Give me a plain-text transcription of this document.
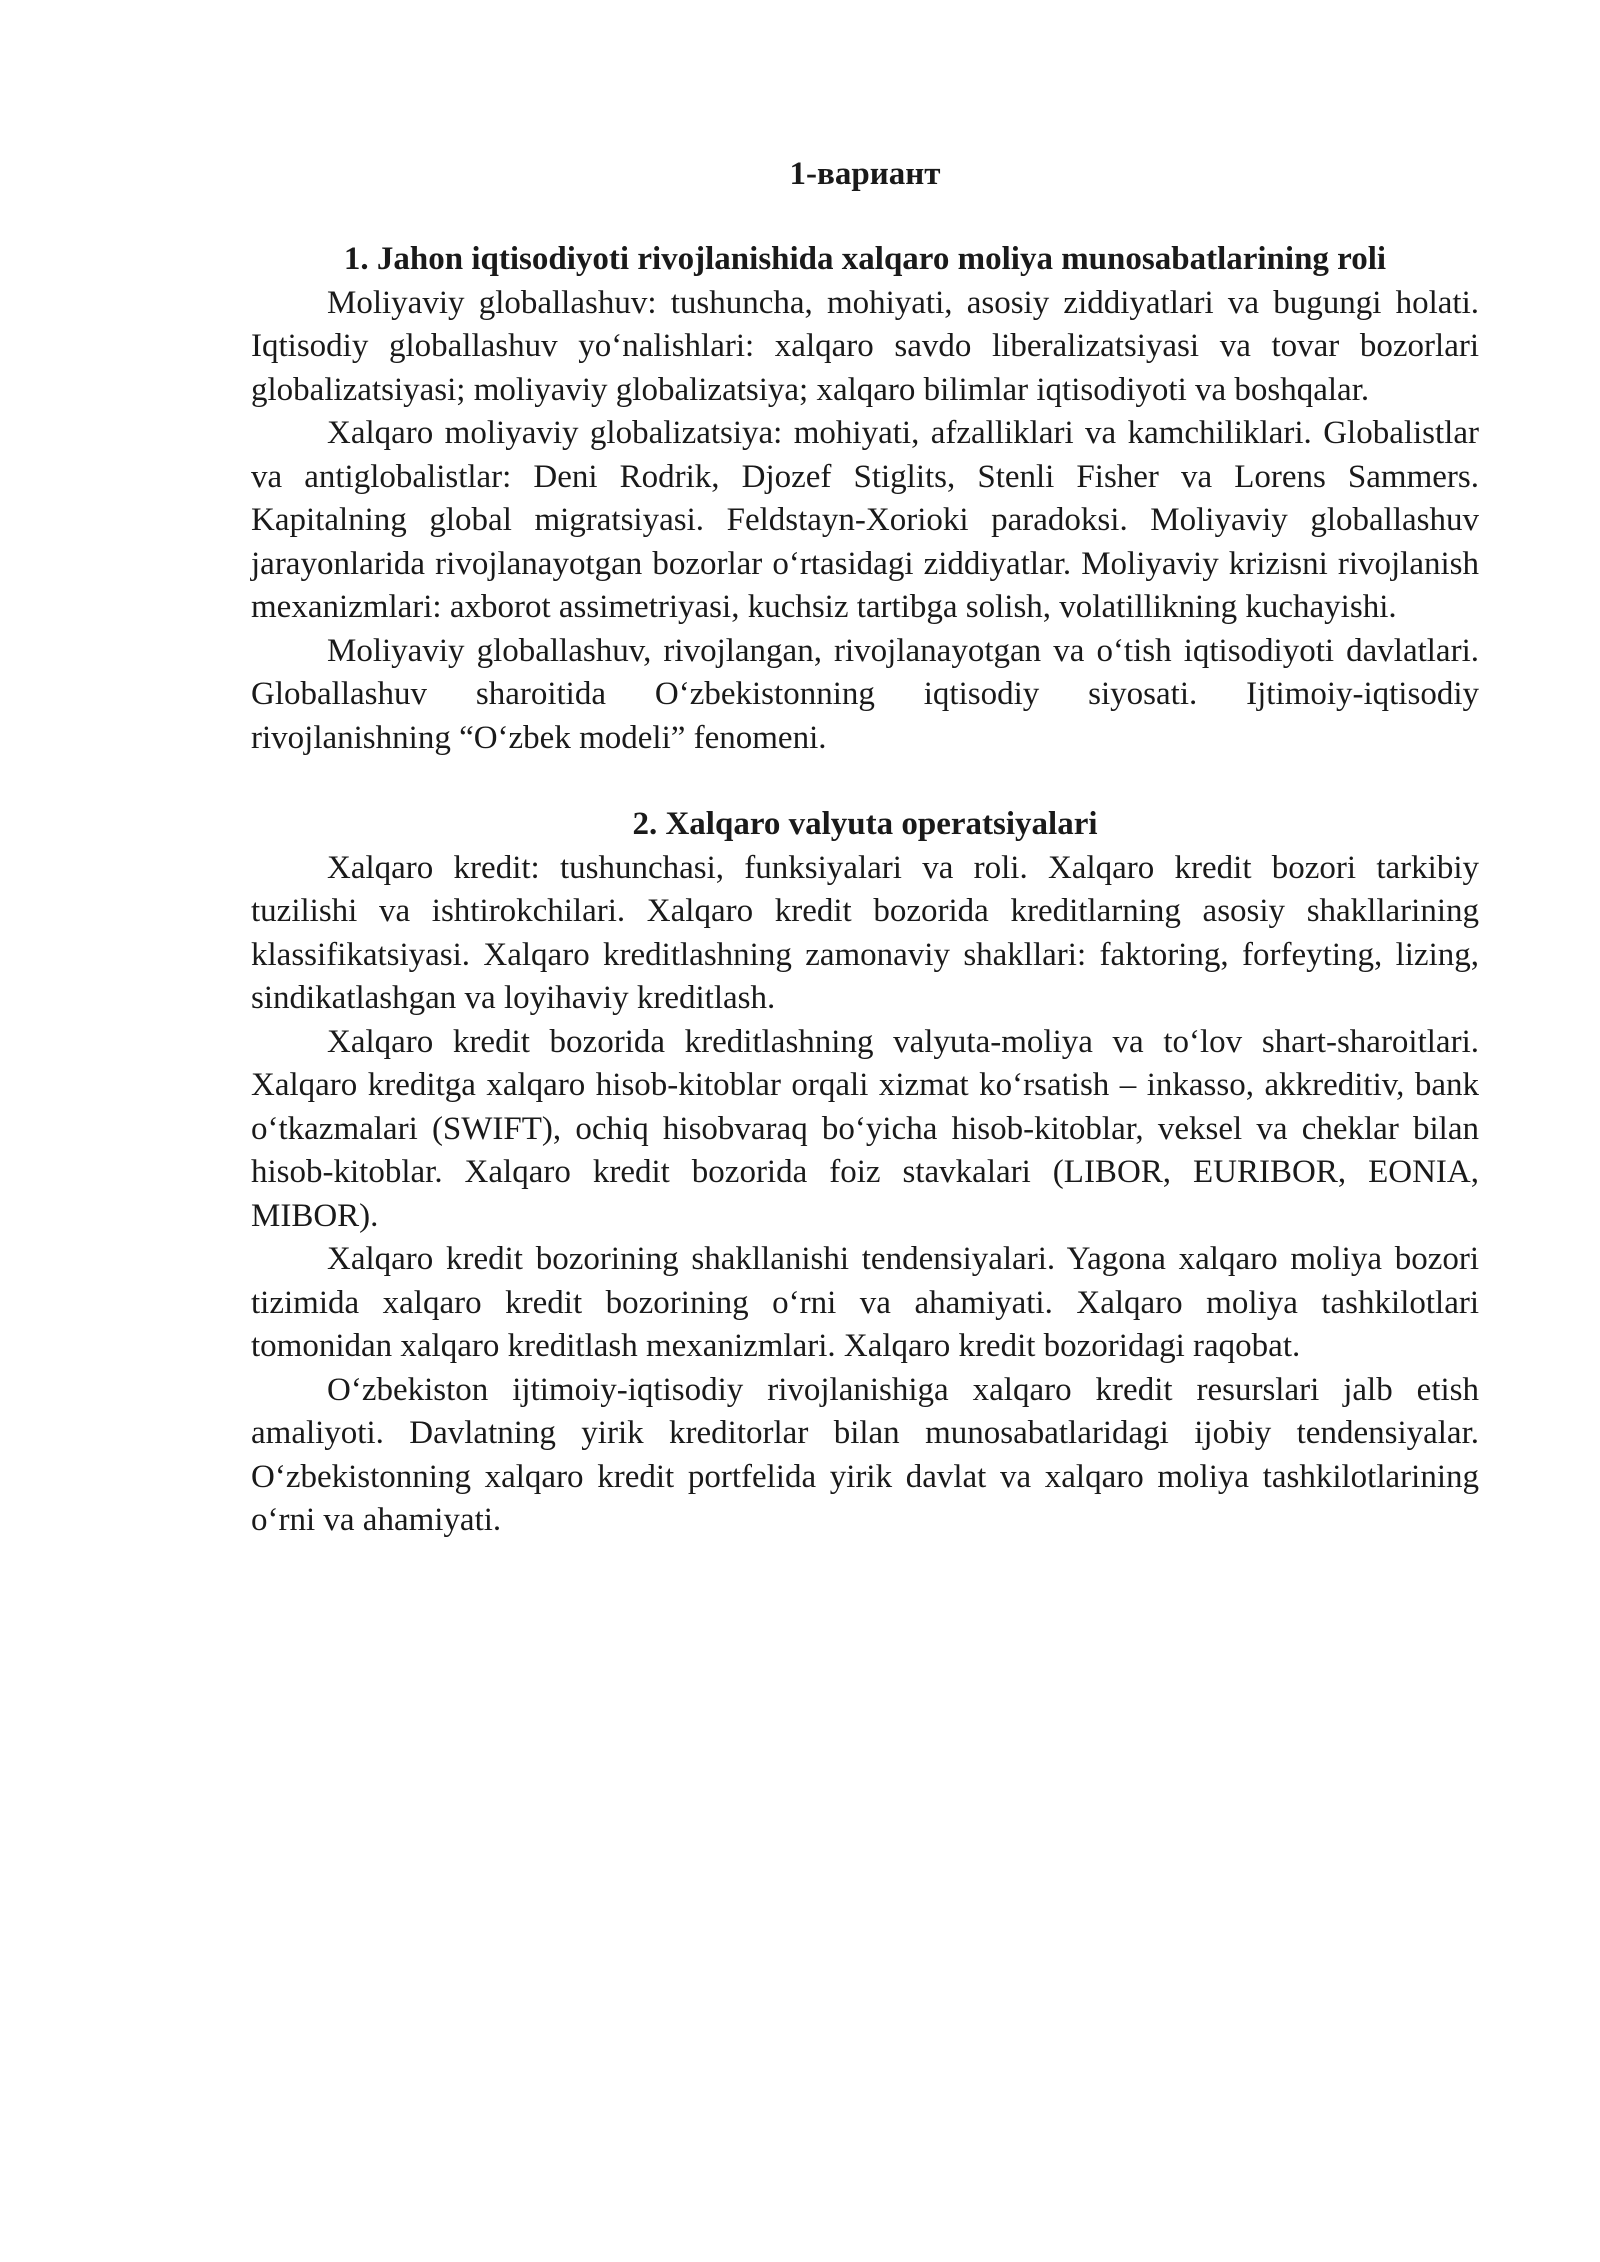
1-вариант
1. Jahon iqtisodiyoti rivojlanishida xalqaro moliya munosabatlarining roli

Moliyaviy globallashuv: tushuncha, mohiyati, asosiy ziddiyatlari va bugungi holati. Iqtisodiy globallashuv yo‘nalishlari: xalqaro savdo liberalizatsiyasi va tovar bozorlari globalizatsiyasi; moliyaviy globalizatsiya; xalqaro bilimlar iqtisodiyoti va boshqalar.

Xalqaro moliyaviy globalizatsiya: mohiyati, afzalliklari va kamchiliklari. Globalistlar va antiglobalistlar: Deni Rodrik, Djozef Stiglits, Stenli Fisher va Lorens Sammers. Kapitalning global migratsiyasi. Feldstayn-Xorioki paradoksi. Moliyaviy globallashuv jarayonlarida rivojlanayotgan bozorlar o‘rtasidagi ziddiyatlar. Moliyaviy krizisni rivojlanish mexanizmlari: axborot assimetriyasi, kuchsiz tartibga solish, volatillikning kuchayishi.

Moliyaviy globallashuv, rivojlangan, rivojlanayotgan va o‘tish iqtisodiyoti davlatlari. Globallashuv sharoitida O‘zbekistonning iqtisodiy siyosati. Ijtimoiy-iqtisodiy rivojlanishning “O‘zbek modeli” fenomeni.

2. Xalqaro valyuta operatsiyalari

Xalqaro kredit: tushunchasi, funksiyalari va roli. Xalqaro kredit bozori tarkibiy tuzilishi va ishtirokchilari. Xalqaro kredit bozorida kreditlarning asosiy shakllarining klassifikatsiyasi. Xalqaro kreditlashning zamonaviy shakllari: faktoring, forfeyting, lizing, sindikatlashgan va loyihaviy kreditlash.

Xalqaro kredit bozorida kreditlashning valyuta-moliya va to‘lov shart-sharoitlari. Xalqaro kreditga xalqaro hisob-kitoblar orqali xizmat ko‘rsatish – inkasso, akkreditiv, bank o‘tkazmalari (SWIFT), ochiq hisobvaraq bo‘yicha hisob-kitoblar, veksel va cheklar bilan hisob-kitoblar. Xalqaro kredit bozorida foiz stavkalari (LIBOR, EURIBOR, EONIA, MIBOR).

Xalqaro kredit bozorining shakllanishi tendensiyalari. Yagona xalqaro moliya bozori tizimida xalqaro kredit bozorining o‘rni va ahamiyati. Xalqaro moliya tashkilotlari tomonidan xalqaro kreditlash mexanizmlari. Xalqaro kredit bozoridagi raqobat.

O‘zbekiston ijtimoiy-iqtisodiy rivojlanishiga xalqaro kredit resurslari jalb etish amaliyoti. Davlatning yirik kreditorlar bilan munosabatlaridagi ijobiy tendensiyalar. O‘zbekistonning xalqaro kredit portfelida yirik davlat va xalqaro moliya tashkilotlarining o‘rni va ahamiyati.
